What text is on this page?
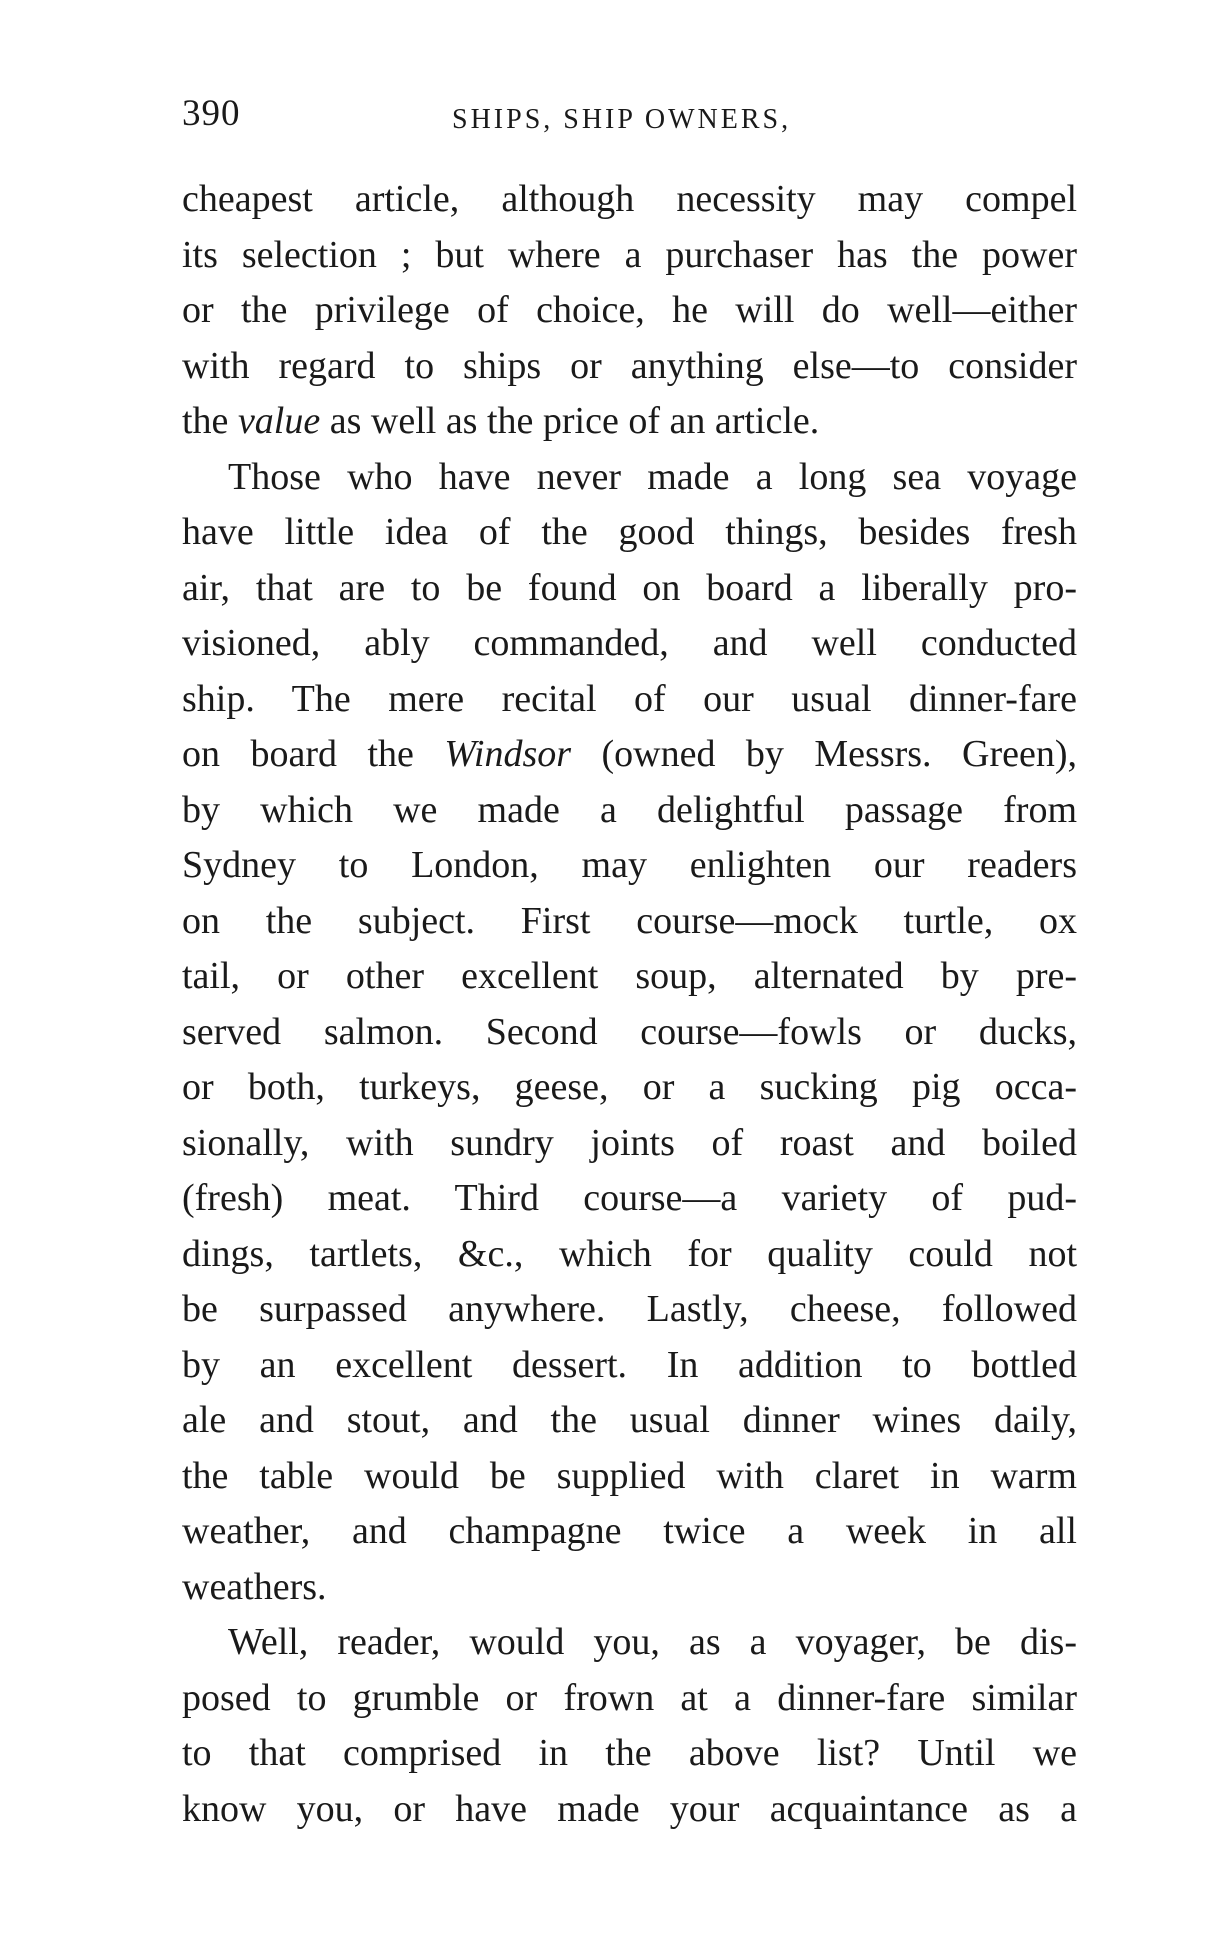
390	SHIPS, SHIP OWNERS,
cheapest article, although necessity may compel
its selection ; but where a purchaser has the power
or the privilege of choice, he will do well—either
with regard to ships or anything else—to consider
the value as well as the price of an article.
Those who have never made a long sea voyage
have little idea of the good things, besides fresh
air, that are to be found on board a liberally pro-
visioned, ably commanded, and well conducted
ship. The mere recital of our usual dinner-fare
on board the Windsor (owned by Messrs. Green),
by which we made a delightful passage from
Sydney to London, may enlighten our readers
on the subject. First course—mock turtle, ox
tail, or other excellent soup, alternated by pre-
served salmon. Second course—fowls or ducks,
or both, turkeys, geese, or a sucking pig occa-
sionally, with sundry joints of roast and boiled
(fresh) meat. Third course—a variety of pud-
dings, tartlets, &c., which for quality could not
be surpassed anywhere. Lastly, cheese, followed
by an excellent dessert. In addition to bottled
ale and stout, and the usual dinner wines daily,
the table would be supplied with claret in warm
weather, and champagne twice a week in all
weathers.
Well, reader, would you, as a voyager, be dis-
posed to grumble or frown at a dinner-fare similar
to that comprised in the above list? Until we
know you, or have made your acquaintance as a
